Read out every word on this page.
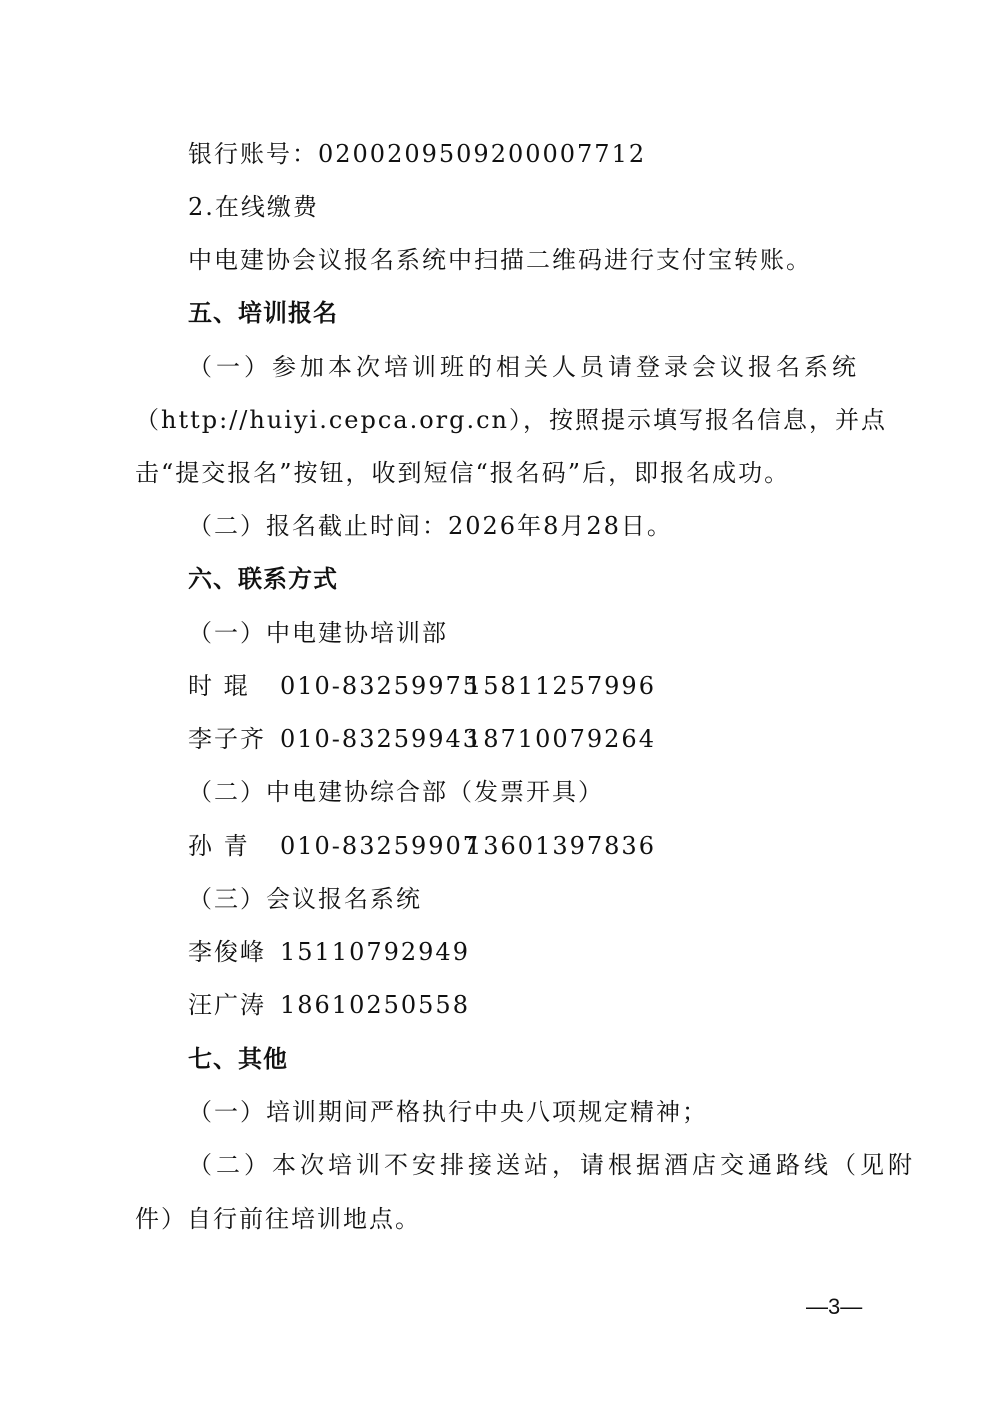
银行账号：0200209509200007712
2.在线缴费
中电建协会议报名系统中扫描二维码进行支付宝转账。
五、培训报名
（一）参加本次培训班的相关人员请登录会议报名系统
（http://huiyi.cepca.org.cn），按照提示填写报名信息，并点
击“提交报名”按钮，收到短信“报名码”后，即报名成功。
（二）报名截止时间：2026年8月28日。
六、联系方式
（一）中电建协培训部
时 琨 010-8325997515811257996
李子齐 010-8325994318710079264
（二）中电建协综合部（发票开具）
孙 青 010-8325990713601397836
（三）会议报名系统
李俊峰 15110792949
汪广涛 18610250558
七、其他
（一）培训期间严格执行中央八项规定精神；
（二）本次培训不安排接送站，请根据酒店交通路线（见附
件）自行前往培训地点。
—3—
